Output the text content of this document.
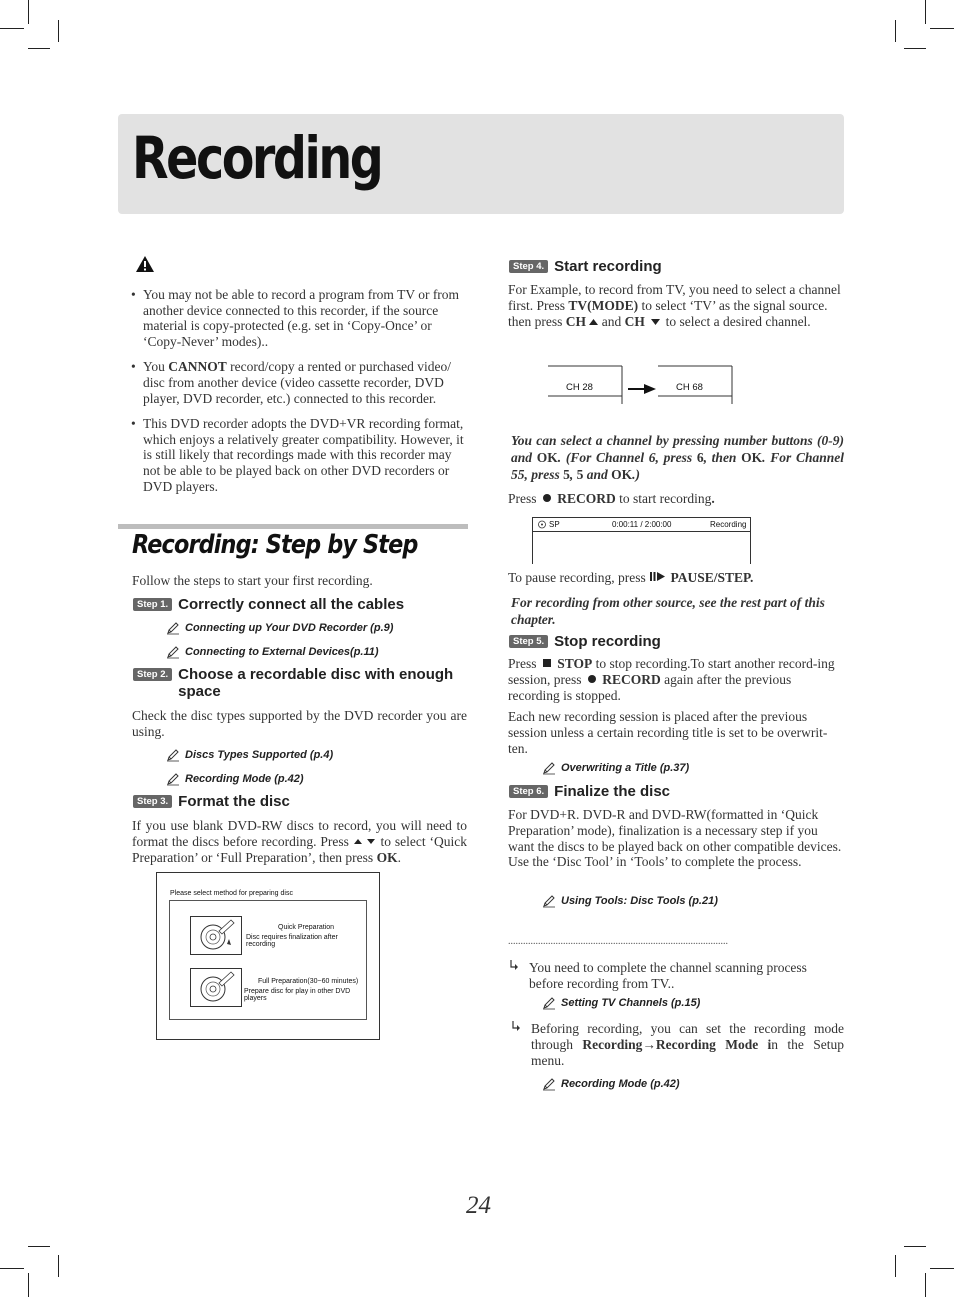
Recording
• You may not be able to record a program from TV or from another device connected to this recorder, if the source material is copy-protected (e.g. set in ‘Copy-Once’ or ‘Copy-Never’ modes)..
• You CANNOT record/copy a rented or purchased video/ disc from another device (video cassette recorder, DVD player, DVD recorder, etc.) connected to this recorder.
• This DVD recorder adopts the DVD+VR recording format, which enjoys a relatively greater compatibility. However, it is still likely that recordings made with this recorder may not be able to be played back on other DVD recorders or DVD players.
Recording: Step by Step
Follow the steps to start your first recording.
Step 1. Correctly connect all the cables
Connecting up Your DVD Recorder (p.9)
Connecting to External Devices(p.11)
Step 2. Choose a recordable disc with enough space
Check the disc types supported by the DVD recorder you are using.
Discs Types Supported (p.4)
Recording Mode (p.42)
Step 3. Format the disc
If you use blank DVD-RW discs to record, you will need to format the discs before recording. Press  to select ‘Quick Preparation’ or ‘Full Preparation’, then press OK.
Please select method for preparing disc
Quick Preparation
Disc requires finalization after recording
Full Preparation(30~60 minutes)
Prepare disc for play in other DVD players
Step 4. Start recording
For Example, to record from TV, you need to select a channel first. Press TV(MODE) to select ‘TV’ as the signal source. then press CH  and CH  to select a desired channel.
CH 28	CH 68
You can select a channel by pressing number buttons (0-9) and OK. (For Channel 6, press 6, then OK. For Channel 55, press 5, 5 and OK.)
Press  RECORD to start recording.
SP	0:00:11 / 2:00:00	Recording
To pause recording, press  PAUSE/STEP.
For recording from other source, see the rest part of this chapter.
Step 5. Stop recording
Press  STOP to stop recording.To start another record-ing session, press  RECORD again after the previous recording is stopped.
Each new recording session is placed after the previous session unless a certain recording title is set to be overwrit-ten.
Overwriting a Title (p.37)
Step 6. Finalize the disc
For DVD+R. DVD-R and DVD-RW(formatted in ‘Quick Preparation’ mode), finalization is a necessary step if you want the discs to be played back on other compatible devices. Use the ‘Disc Tool’ in ‘Tools’ to complete the process.
Using Tools: Disc Tools (p.21)
........................................................................................
You need to complete the channel scanning process before recording from TV..
Setting TV Channels (p.15)
Beforing recording, you can set the recording mode through Recording→Recording Mode in the Setup menu.
Recording Mode (p.42)
24
